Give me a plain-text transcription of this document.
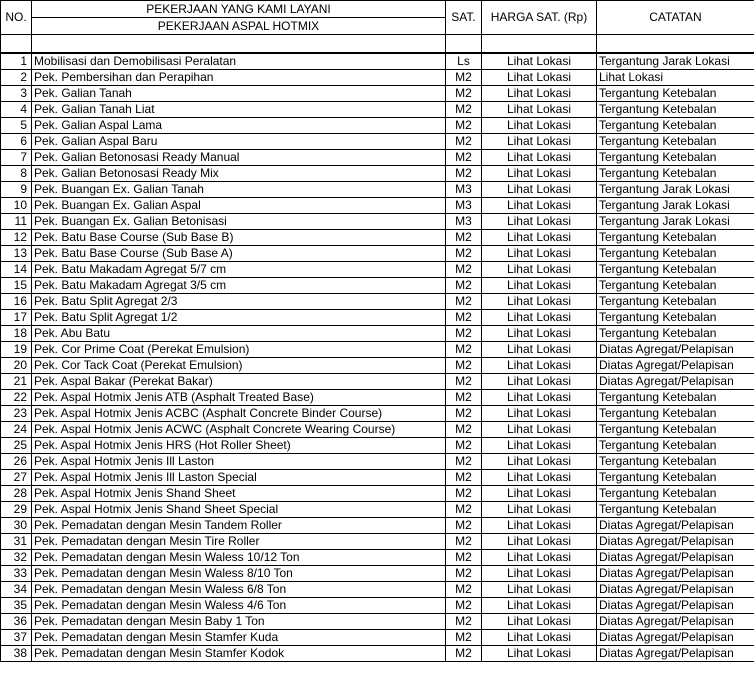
NO.	PEKERJAAN YANG KAMI LAYANI	SAT.	HARGA SAT. (Rp)	CATATAN
	PEKERJAAN ASPAL HOTMIX			

1	Mobilisasi dan Demobilisasi Peralatan	Ls	Lihat Lokasi	Tergantung Jarak Lokasi
2	Pek. Pembersihan dan Perapihan	M2	Lihat Lokasi	Lihat Lokasi
3	Pek. Galian Tanah	M2	Lihat Lokasi	Tergantung Ketebalan
4	Pek. Galian Tanah Liat	M2	Lihat Lokasi	Tergantung Ketebalan
5	Pek. Galian Aspal Lama	M2	Lihat Lokasi	Tergantung Ketebalan
6	Pek. Galian Aspal Baru	M2	Lihat Lokasi	Tergantung Ketebalan
7	Pek. Galian Betonosasi Ready Manual	M2	Lihat Lokasi	Tergantung Ketebalan
8	Pek. Galian Betonosasi Ready Mix	M2	Lihat Lokasi	Tergantung Ketebalan
9	Pek. Buangan Ex. Galian Tanah	M3	Lihat Lokasi	Tergantung Jarak Lokasi
10	Pek. Buangan Ex. Galian Aspal	M3	Lihat Lokasi	Tergantung Jarak Lokasi
11	Pek. Buangan Ex. Galian Betonisasi	M3	Lihat Lokasi	Tergantung Jarak Lokasi
12	Pek. Batu Base Course (Sub Base B)	M2	Lihat Lokasi	Tergantung Ketebalan
13	Pek. Batu Base Course (Sub Base A)	M2	Lihat Lokasi	Tergantung Ketebalan
14	Pek. Batu Makadam Agregat 5/7 cm	M2	Lihat Lokasi	Tergantung Ketebalan
15	Pek. Batu Makadam Agregat 3/5 cm	M2	Lihat Lokasi	Tergantung Ketebalan
16	Pek. Batu Split Agregat 2/3	M2	Lihat Lokasi	Tergantung Ketebalan
17	Pek. Batu Split Agregat 1/2	M2	Lihat Lokasi	Tergantung Ketebalan
18	Pek. Abu Batu	M2	Lihat Lokasi	Tergantung Ketebalan
19	Pek. Cor Prime Coat (Perekat Emulsion)	M2	Lihat Lokasi	Diatas Agregat/Pelapisan
20	Pek. Cor Tack Coat (Perekat Emulsion)	M2	Lihat Lokasi	Diatas Agregat/Pelapisan
21	Pek. Aspal Bakar (Perekat Bakar)	M2	Lihat Lokasi	Diatas Agregat/Pelapisan
22	Pek. Aspal Hotmix Jenis ATB (Asphalt Treated Base)	M2	Lihat Lokasi	Tergantung Ketebalan
23	Pek. Aspal Hotmix Jenis ACBC (Asphalt Concrete Binder Course)	M2	Lihat Lokasi	Tergantung Ketebalan
24	Pek. Aspal Hotmix Jenis ACWC (Asphalt Concrete Wearing Course)	M2	Lihat Lokasi	Tergantung Ketebalan
25	Pek. Aspal Hotmix Jenis HRS (Hot Roller Sheet)	M2	Lihat Lokasi	Tergantung Ketebalan
26	Pek. Aspal Hotmix Jenis Ill Laston	M2	Lihat Lokasi	Tergantung Ketebalan
27	Pek. Aspal Hotmix Jenis Ill Laston Special	M2	Lihat Lokasi	Tergantung Ketebalan
28	Pek. Aspal Hotmix Jenis Shand Sheet	M2	Lihat Lokasi	Tergantung Ketebalan
29	Pek. Aspal Hotmix Jenis Shand Sheet Special	M2	Lihat Lokasi	Tergantung Ketebalan
30	Pek. Pemadatan dengan Mesin Tandem Roller	M2	Lihat Lokasi	Diatas Agregat/Pelapisan
31	Pek. Pemadatan dengan Mesin Tire Roller	M2	Lihat Lokasi	Diatas Agregat/Pelapisan
32	Pek. Pemadatan dengan Mesin Waless 10/12 Ton	M2	Lihat Lokasi	Diatas Agregat/Pelapisan
33	Pek. Pemadatan dengan Mesin Waless 8/10 Ton	M2	Lihat Lokasi	Diatas Agregat/Pelapisan
34	Pek. Pemadatan dengan Mesin Waless 6/8 Ton	M2	Lihat Lokasi	Diatas Agregat/Pelapisan
35	Pek. Pemadatan dengan Mesin Waless 4/6 Ton	M2	Lihat Lokasi	Diatas Agregat/Pelapisan
36	Pek. Pemadatan dengan Mesin Baby 1 Ton	M2	Lihat Lokasi	Diatas Agregat/Pelapisan
37	Pek. Pemadatan dengan Mesin Stamfer Kuda	M2	Lihat Lokasi	Diatas Agregat/Pelapisan
38	Pek. Pemadatan dengan Mesin Stamfer Kodok	M2	Lihat Lokasi	Diatas Agregat/Pelapisan
